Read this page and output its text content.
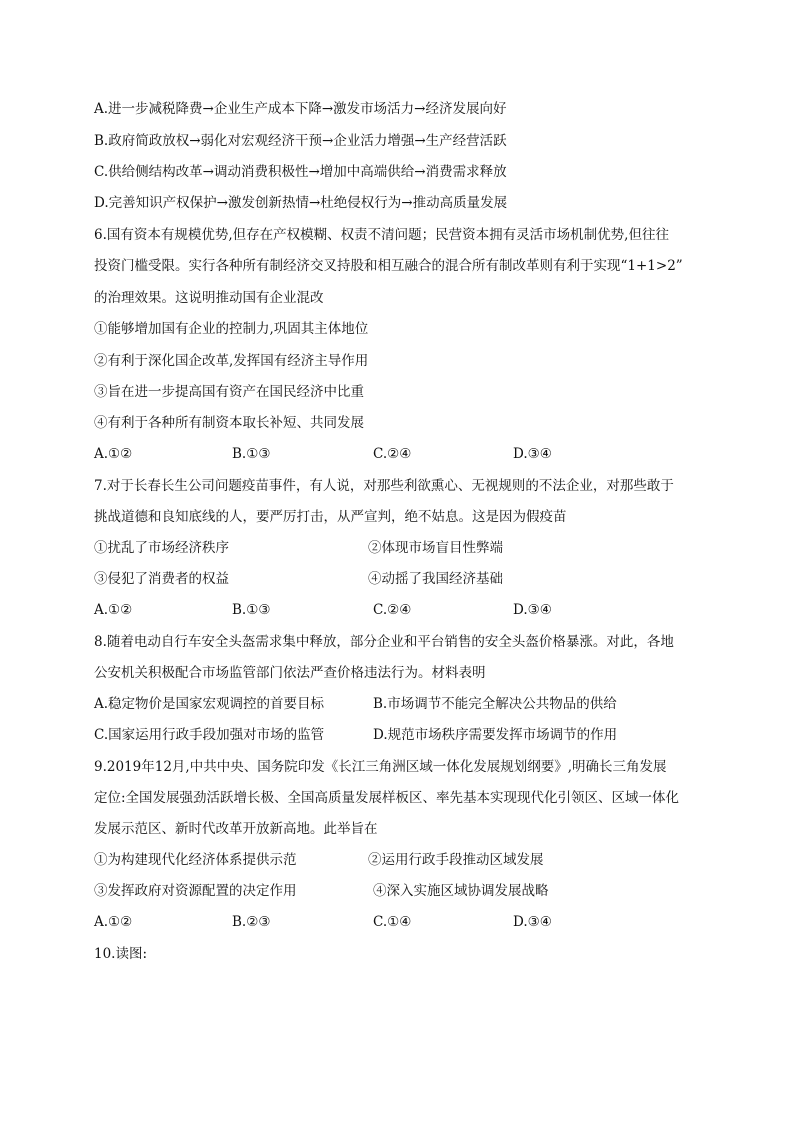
A.进一步减税降费→企业生产成本下降→激发市场活力→经济发展向好
B.政府简政放权→弱化对宏观经济干预→企业活力增强→生产经营活跃
C.供给侧结构改革→调动消费积极性→增加中高端供给→消费需求释放
D.完善知识产权保护→激发创新热情→杜绝侵权行为→推动高质量发展
6.国有资本有规模优势,但存在产权模糊、权责不清问题；民营资本拥有灵活市场机制优势,但往往
投资门槛受限。实行各种所有制经济交叉持股和相互融合的混合所有制改革则有利于实现“1+1>2”
的治理效果。这说明推动国有企业混改
①能够增加国有企业的控制力,巩固其主体地位
②有利于深化国企改革,发挥国有经济主导作用
③旨在进一步提高国有资产在国民经济中比重
④有利于各种所有制资本取长补短、共同发展
A.①②	B.①③	C.②④	D.③④
7.对于长春长生公司问题疫苗事件，有人说，对那些利欲熏心、无视规则的不法企业，对那些敢于
挑战道德和良知底线的人，要严厉打击，从严宣判，绝不姑息。这是因为假疫苗
①扰乱了市场经济秩序	②体现市场盲目性弊端
③侵犯了消费者的权益	④动摇了我国经济基础
A.①②	B.①③	C.②④	D.③④
8.随着电动自行车安全头盔需求集中释放，部分企业和平台销售的安全头盔价格暴涨。对此，各地
公安机关积极配合市场监管部门依法严查价格违法行为。材料表明
A.稳定物价是国家宏观调控的首要目标	B.市场调节不能完全解决公共物品的供给
C.国家运用行政手段加强对市场的监管	D.规范市场秩序需要发挥市场调节的作用
9.2019年12月,中共中央、国务院印发《长江三角洲区域一体化发展规划纲要》,明确长三角发展
定位:全国发展强劲活跃增长极、全国高质量发展样板区、率先基本实现现代化引领区、区域一体化
发展示范区、新时代改革开放新高地。此举旨在
①为构建现代化经济体系提供示范	②运用行政手段推动区域发展
③发挥政府对资源配置的决定作用	④深入实施区域协调发展战略
A.①②	B.②③	C.①④	D.③④
10.读图:
